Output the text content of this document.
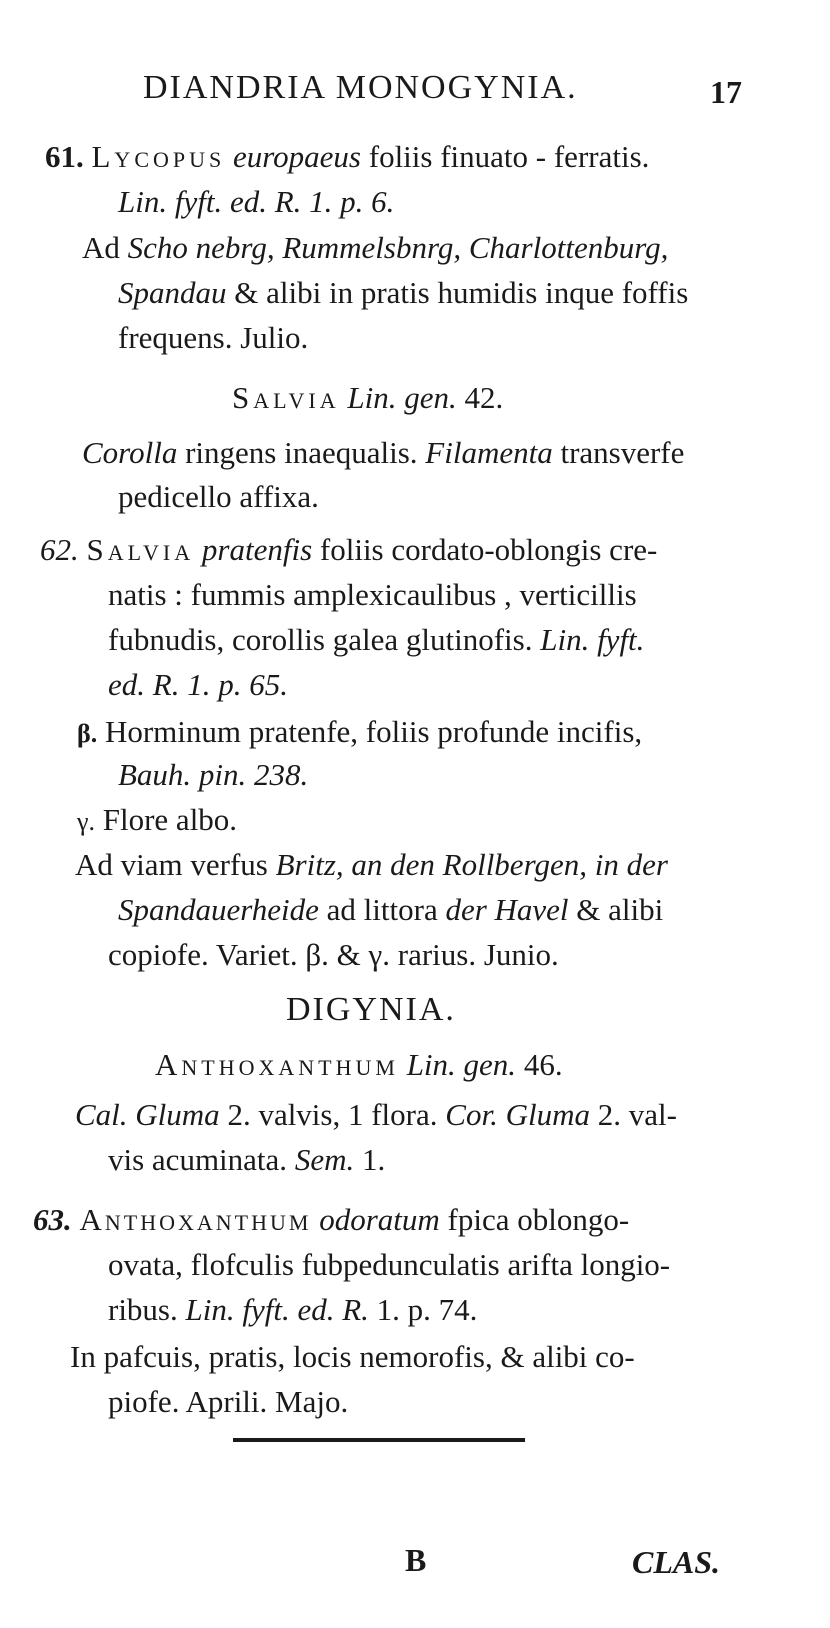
DIANDRIA MONOGYNIA.	17
61. Lycopus europaeus foliis finuato - ferratis.
Lin. fyft. ed. R. 1. p. 6.
Ad Scho nebrg, Rummelsbnrg, Charlottenburg,
Spandau & alibi in pratis humidis inque foffis
frequens. Julio.
Salvia Lin. gen. 42.
Corolla ringens inaequalis. Filamenta transverfe
pedicello affixa.
62. Salvia pratenfis foliis cordato-oblongis cre-
natis : fummis amplexicaulibus , verticillis
fubnudis, corollis galea glutinofis. Lin. fyft.
ed. R. 1. p. 65.
β. Horminum pratenfe, foliis profunde incifis,
Bauh. pin. 238.
γ. Flore albo.
Ad viam verfus Britz, an den Rollbergen, in der
Spandauerheide ad littora der Havel & alibi
copiofe. Variet. β. & γ. rarius. Junio.
DIGYNIA.
Anthoxanthum Lin. gen. 46.
Cal. Gluma 2. valvis, 1 flora. Cor. Gluma 2. val-
vis acuminata. Sem. 1.
63. Anthoxanthum odoratum fpica oblongo-
ovata, flofculis fubpedunculatis arifta longio-
ribus. Lin. fyft. ed. R. 1. p. 74.
In pafcuis, pratis, locis nemorofis, & alibi co-
piofe. Aprili. Majo.
B	CLAS.
